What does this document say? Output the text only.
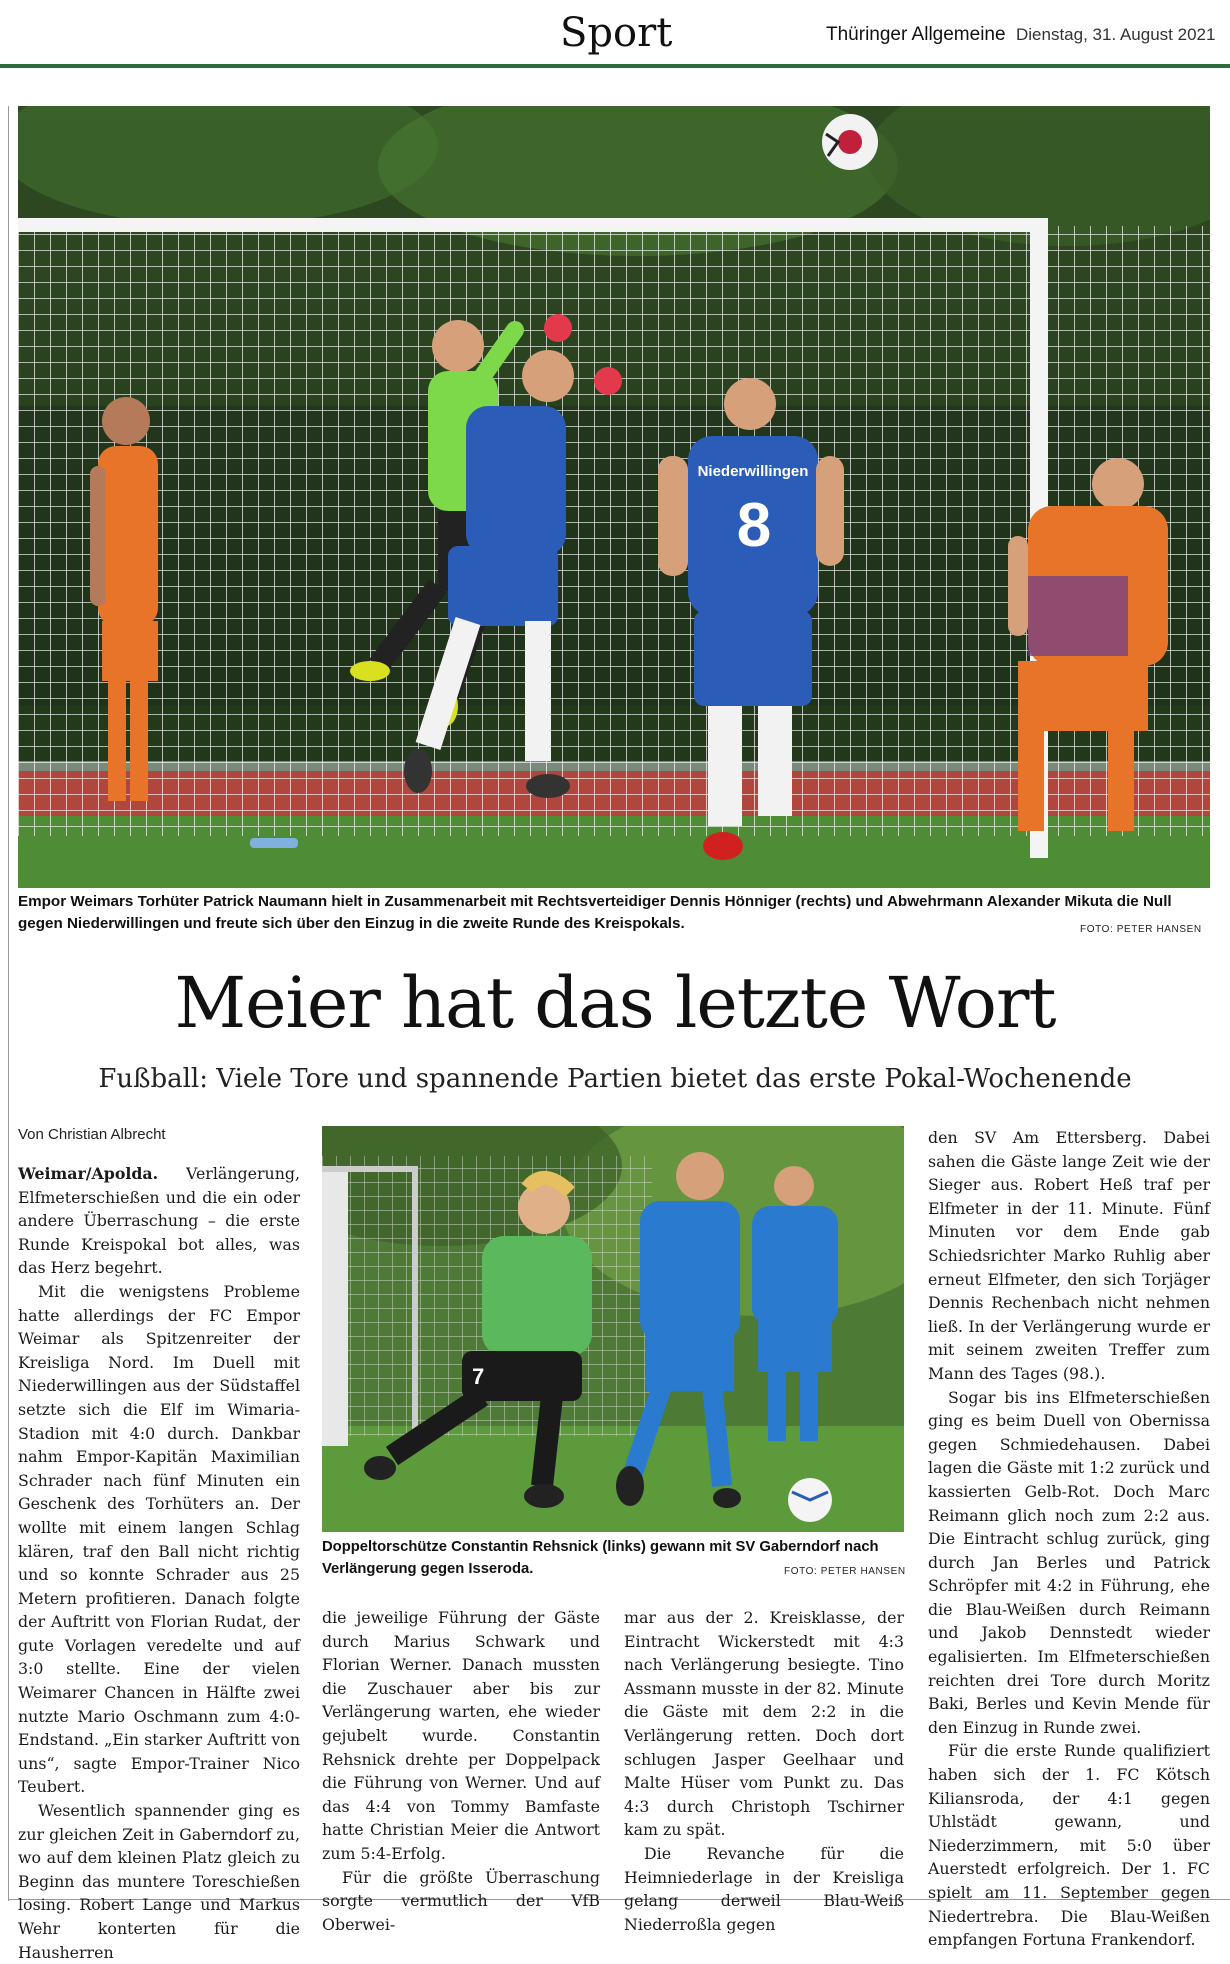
Sport	Thüringer Allgemeine Dienstag, 31. August 2021
Niederwillingen
8
Empor Weimars Torhüter Patrick Naumann hielt in Zusammenarbeit mit Rechtsverteidiger Dennis Hönniger (rechts) und Abwehrmann Alexander Mikuta die Null gegen Niederwillingen und freute sich über den Einzug in die zweite Runde des Kreispokals.	FOTO: PETER HANSEN
Meier hat das letzte Wort
Fußball: Viele Tore und spannende Partien bietet das erste Pokal-Wochenende
Von Christian Albrecht

Weimar/Apolda. Verlängerung, Elfmeterschießen und die ein oder andere Überraschung – die erste Runde Kreispokal bot alles, was das Herz begehrt.

Mit die wenigstens Probleme hatte allerdings der FC Empor Weimar als Spitzenreiter der Kreisliga Nord. Im Duell mit Niederwillingen aus der Südstaffel setzte sich die Elf im Wimaria-Stadion mit 4:0 durch. Dankbar nahm Empor-Kapitän Maximilian Schrader nach fünf Minuten ein Geschenk des Torhüters an. Der wollte mit einem langen Schlag klären, traf den Ball nicht richtig und so konnte Schrader aus 25 Metern profitieren. Danach folgte der Auftritt von Florian Rudat, der gute Vorlagen veredelte und auf 3:0 stellte. Eine der vielen Weimarer Chancen in Hälfte zwei nutzte Mario Oschmann zum 4:0-Endstand. „Ein starker Auftritt von uns“, sagte Empor-Trainer Nico Teubert.

Wesentlich spannender ging es zur gleichen Zeit in Gaberndorf zu, wo auf dem kleinen Platz gleich zu Beginn das muntere Toreschießen losing. Robert Lange und Markus Wehr konterten für die Hausherren

7
Doppeltorschütze Constantin Rehsnick (links) gewann mit SV Gaberndorf nach Verlängerung gegen Isseroda.	FOTO: PETER HANSEN

die jeweilige Führung der Gäste durch Marius Schwark und Florian Werner. Danach mussten die Zuschauer aber bis zur Verlängerung warten, ehe wieder gejubelt wurde. Constantin Rehsnick drehte per Doppelpack die Führung von Werner. Und auf das 4:4 von Tommy Bamfaste hatte Christian Meier die Antwort zum 5:4-Erfolg.

Für die größte Überraschung sorgte vermutlich der VfB Oberwei-

mar aus der 2. Kreisklasse, der Eintracht Wickerstedt mit 4:3 nach Verlängerung besiegte. Tino Assmann musste in der 82. Minute die Gäste mit dem 2:2 in die Verlängerung retten. Doch dort schlugen Jasper Geelhaar und Malte Hüser vom Punkt zu. Das 4:3 durch Christoph Tschirner kam zu spät.

Die Revanche für die Heimniederlage in der Kreisliga gelang derweil Blau-Weiß Niederroßla gegen

den SV Am Ettersberg. Dabei sahen die Gäste lange Zeit wie der Sieger aus. Robert Heß traf per Elfmeter in der 11. Minute. Fünf Minuten vor dem Ende gab Schiedsrichter Marko Ruhlig aber erneut Elfmeter, den sich Torjäger Dennis Rechenbach nicht nehmen ließ. In der Verlängerung wurde er mit seinem zweiten Treffer zum Mann des Tages (98.).

Sogar bis ins Elfmeterschießen ging es beim Duell von Obernissa gegen Schmiedehausen. Dabei lagen die Gäste mit 1:2 zurück und kassierten Gelb-Rot. Doch Marc Reimann glich noch zum 2:2 aus. Die Eintracht schlug zurück, ging durch Jan Berles und Patrick Schröpfer mit 4:2 in Führung, ehe die Blau-Weißen durch Reimann und Jakob Dennstedt wieder egalisierten. Im Elfmeterschießen reichten drei Tore durch Moritz Baki, Berles und Kevin Mende für den Einzug in Runde zwei.

Für die erste Runde qualifiziert haben sich der 1. FC Kötsch Kiliansroda, der 4:1 gegen Uhlstädt gewann, und Niederzimmern, mit 5:0 über Auerstedt erfolgreich. Der 1. FC spielt am 11. September gegen Niedertrebra. Die Blau-Weißen empfangen Fortuna Frankendorf.
